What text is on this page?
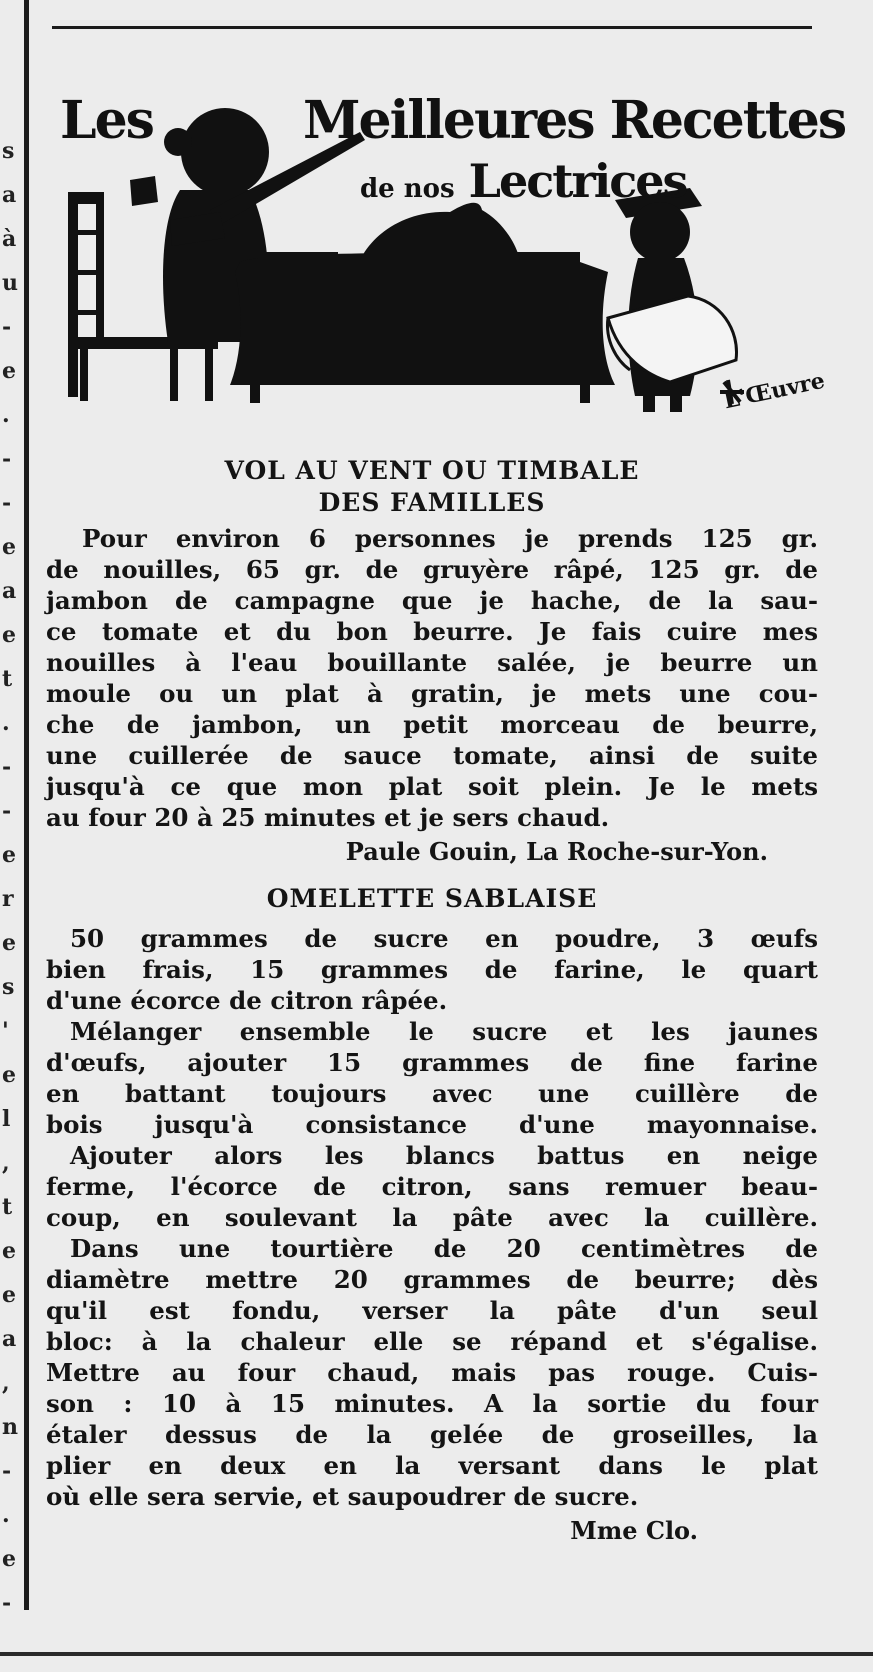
s
a
à
u
-
e
.
-
-
e
a
e
t
.
-
-
e
r
e
s
'
e
l
,
t
e
e
a
,
n
-
.
e
-
Les	Meilleures Recettes
de nos Lectrices
L'Œuvre
VOL AU VENT OU TIMBALE
DES FAMILLES
Pour environ 6 personnes je prends 125 gr.
de nouilles, 65 gr. de gruyère râpé, 125 gr. de
jambon de campagne que je hache, de la sau-
ce tomate et du bon beurre. Je fais cuire mes
nouilles à l'eau bouillante salée, je beurre un
moule ou un plat à gratin, je mets une cou-
che de jambon, un petit morceau de beurre,
une cuillerée de sauce tomate, ainsi de suite
jusqu'à ce que mon plat soit plein. Je le mets
au four 20 à 25 minutes et je sers chaud.
Paule Gouin, La Roche-sur-Yon.
OMELETTE SABLAISE
50 grammes de sucre en poudre, 3 œufs
bien frais, 15 grammes de farine, le quart
d'une écorce de citron râpée.
Mélanger ensemble le sucre et les jaunes
d'œufs, ajouter 15 grammes de fine farine
en battant toujours avec une cuillère de
bois jusqu'à consistance d'une mayonnaise.
Ajouter alors les blancs battus en neige
ferme, l'écorce de citron, sans remuer beau-
coup, en soulevant la pâte avec la cuillère.
Dans une tourtière de 20 centimètres de
diamètre mettre 20 grammes de beurre; dès
qu'il est fondu, verser la pâte d'un seul
bloc: à la chaleur elle se répand et s'égalise.
Mettre au four chaud, mais pas rouge. Cuis-
son : 10 à 15 minutes. A la sortie du four
étaler dessus de la gelée de groseilles, la
plier en deux en la versant dans le plat
où elle sera servie, et saupoudrer de sucre.
Mme Clo.
